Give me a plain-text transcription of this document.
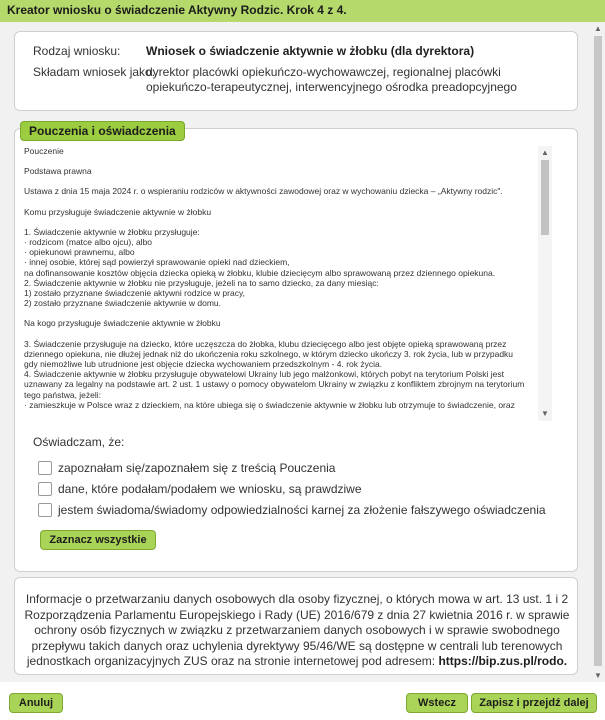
Kreator wniosku o świadczenie Aktywny Rodzic. Krok 4 z 4.
Rodzaj wniosku: Wniosek o świadczenie aktywnie w żłobku (dla dyrektora)
Składam wniosek jako:
dyrektor placówki opiekuńczo-wychowawczej, regionalnej placówki opiekuńczo-terapeutycznej, interwencyjnego ośrodka preadopcyjnego
Pouczenia i oświadczenia

Pouczenie

Podstawa prawna

Ustawa z dnia 15 maja 2024 r. o wspieraniu rodziców w aktywności zawodowej oraz w wychowaniu dziecka – „Aktywny rodzic".

Komu przysługuje świadczenie aktywnie w żłobku

1. Świadczenie aktywnie w żłobku przysługuje:
· rodzicom (matce albo ojcu), albo
· opiekunowi prawnemu, albo
· innej osobie, której sąd powierzył sprawowanie opieki nad dzieckiem,
na dofinansowanie kosztów objęcia dziecka opieką w żłobku, klubie dziecięcym albo sprawowaną przez dziennego opiekuna.
2. Świadczenie aktywnie w żłobku nie przysługuje, jeżeli na to samo dziecko, za dany miesiąc:
1) zostało przyznane świadczenie aktywni rodzice w pracy,
2) zostało przyznane świadczenie aktywnie w domu.

Na kogo przysługuje świadczenie aktywnie w żłobku

3. Świadczenie przysługuje na dziecko, które uczęszcza do żłobka, klubu dziecięcego albo jest objęte opieką sprawowaną przez dziennego opiekuna, nie dłużej jednak niż do ukończenia roku szkolnego, w którym dziecko ukończy 3. rok życia, lub w przypadku gdy niemożliwe lub utrudnione jest objęcie dziecka wychowaniem przedszkolnym - 4. rok życia.
4. Świadczenie aktywnie w żłobku przysługuje obywatelowi Ukrainy lub jego małżonkowi, których pobyt na terytorium Polski jest uznawany za legalny na podstawie art. 2 ust. 1 ustawy o pomocy obywatelom Ukrainy w związku z konfliktem zbrojnym na terytorium tego państwa, jeżeli:
· zamieszkuje w Polsce wraz z dzieckiem, na które ubiega się o świadczenie aktywnie w żłobku lub otrzymuje to świadczenie, oraz

▲
▼
Oświadczam, że:
zapoznałam się/zapoznałem się z treścią Pouczenia
dane, które podałam/podałem we wniosku, są prawdziwe
jestem świadoma/świadomy odpowiedzialności karnej za złożenie fałszywego oświadczenia
Zaznacz wszystkie
Informacje o przetwarzaniu danych osobowych dla osoby fizycznej, o których mowa w art. 13 ust. 1 i 2 Rozporządzenia Parlamentu Europejskiego i Rady (UE) 2016/679 z dnia 27 kwietnia 2016 r. w sprawie ochrony osób fizycznych w związku z przetwarzaniem danych osobowych i w sprawie swobodnego przepływu takich danych oraz uchylenia dyrektywy 95/46/WE są dostępne w centrali lub terenowych jednostkach organizacyjnych ZUS oraz na stronie internetowej pod adresem: https://bip.zus.pl/rodo.
▲
▼
Anuluj	Wstecz	Zapisz i przejdź dalej
